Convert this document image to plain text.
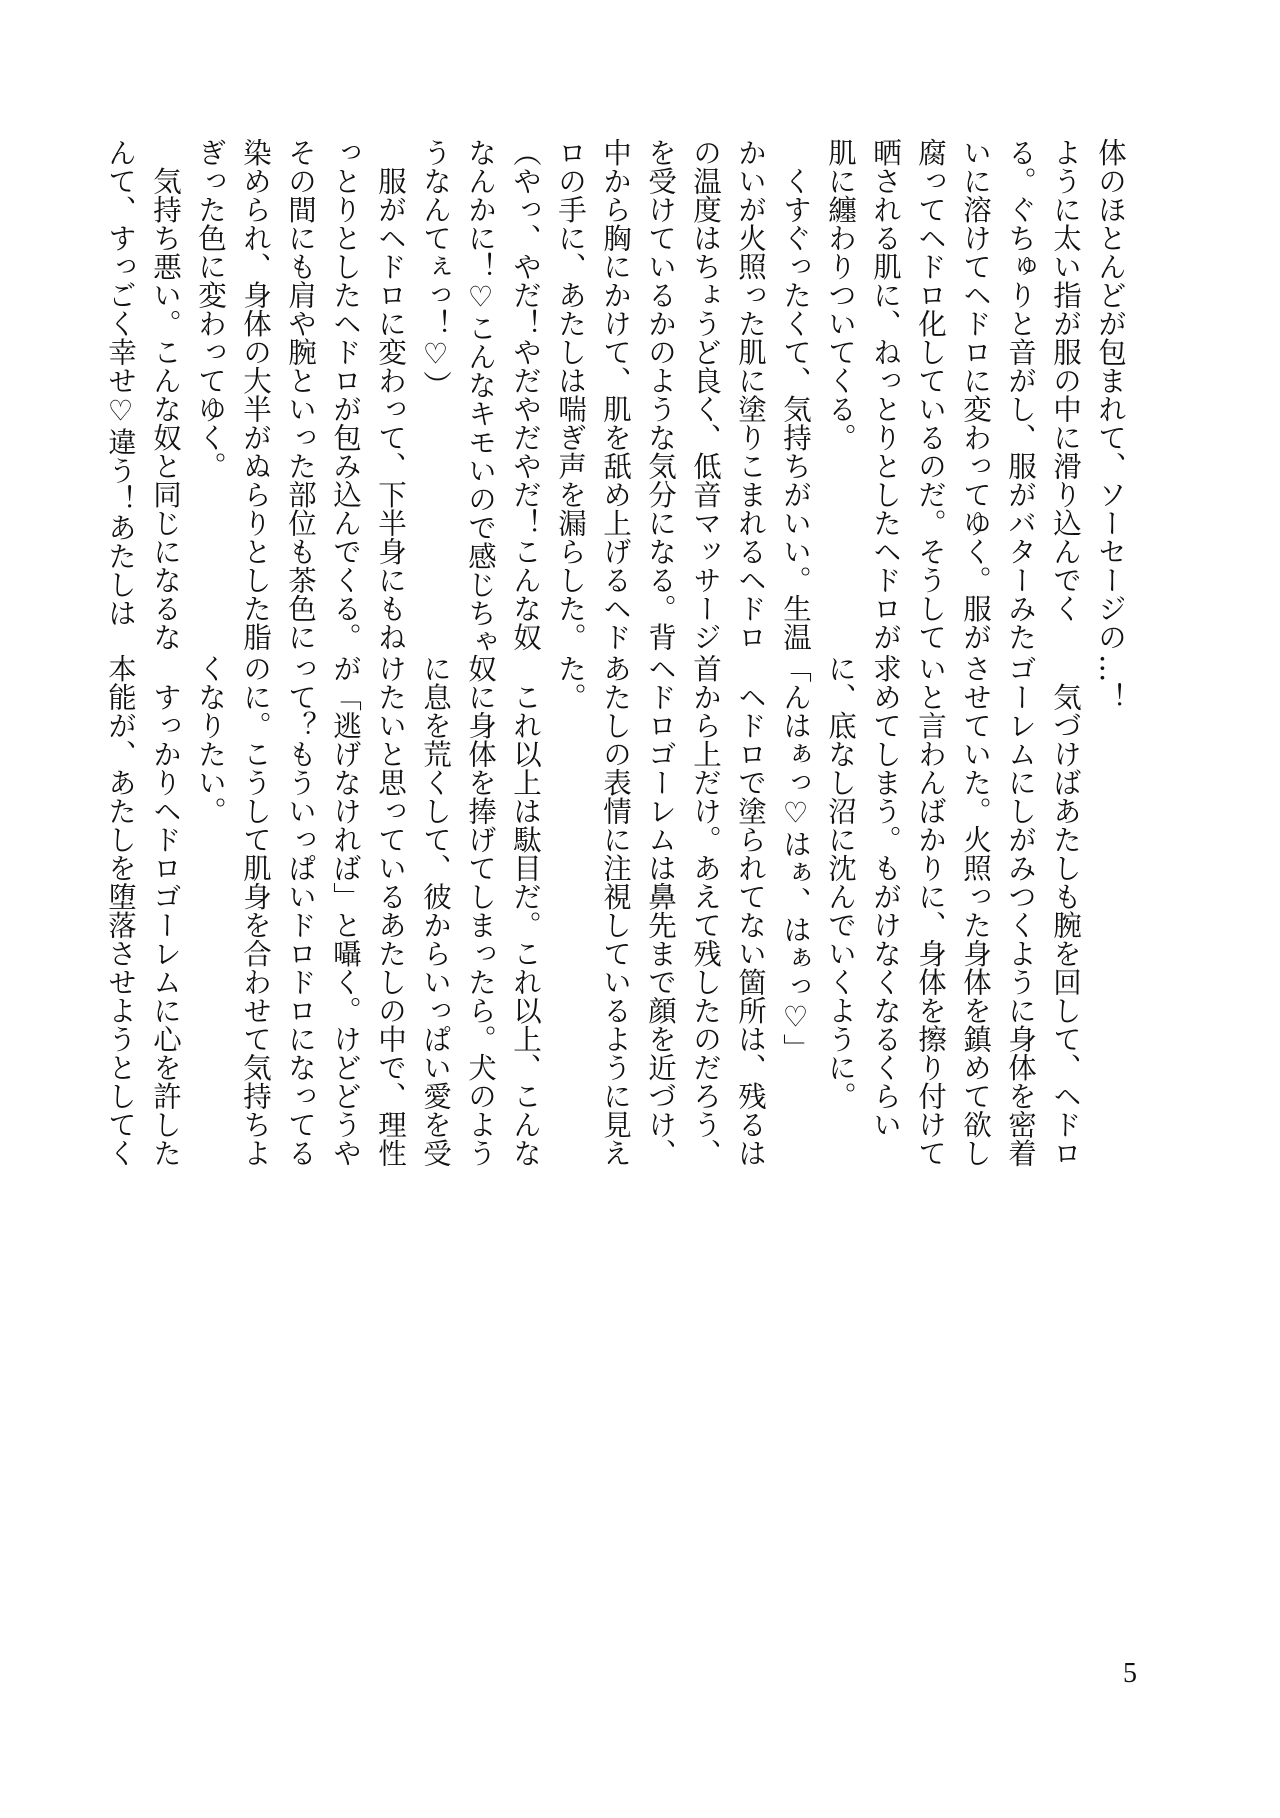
体のほとんどが包まれて、ソーセージの

ように太い指が服の中に滑り込んでく

る。ぐちゅりと音がし、服がバターみた

いに溶けてヘドロに変わってゆく。服が

腐ってヘドロ化しているのだ。そうして

晒される肌に、ねっとりとしたヘドロが

肌に纏わりついてくる。

　くすぐったくて、気持ちがいい。生温

かいが火照った肌に塗りこまれるヘドロ

の温度はちょうど良く、低音マッサージ

を受けているかのような気分になる。背

中から胸にかけて、肌を舐め上げるヘド

ロの手に、あたしは喘ぎ声を漏らした。

（やっ、やだ！やだやだやだ！こんな奴

なんかに！♡こんなキモいので感じちゃ

うなんてぇっ！♡）

　服がヘドロに変わって、下半身にもね

っとりとしたヘドロが包み込んでくる。

その間にも肩や腕といった部位も茶色に

染められ、身体の大半がぬらりとした脂

ぎった色に変わってゆく。

　気持ち悪い。こんな奴と同じになるな

んて、すっごく幸せ♡違う！あたしは

…！

　気づけばあたしも腕を回して、ヘドロ

ゴーレムにしがみつくように身体を密着

させていた。火照った身体を鎮めて欲し

いと言わんばかりに、身体を擦り付けて

求めてしまう。もがけなくなるくらい

に、底なし沼に沈んでいくように。

「んはぁっ♡はぁ、はぁっ♡」

　ヘドロで塗られてない箇所は、残るは

首から上だけ。あえて残したのだろう、

ヘドロゴーレムは鼻先まで顔を近づけ、

あたしの表情に注視しているように見え

た。

　これ以上は駄目だ。これ以上、こんな

奴に身体を捧げてしまったら。犬のよう

に息を荒くして、彼からいっぱい愛を受

けたいと思っているあたしの中で、理性

が「逃げなければ」と囁く。けどどうや

って？もういっぱいドロドロになってる

のに。こうして肌身を合わせて気持ちよ

くなりたい。

　すっかりヘドロゴーレムに心を許した

本能が、あたしを堕落させようとしてく

5
